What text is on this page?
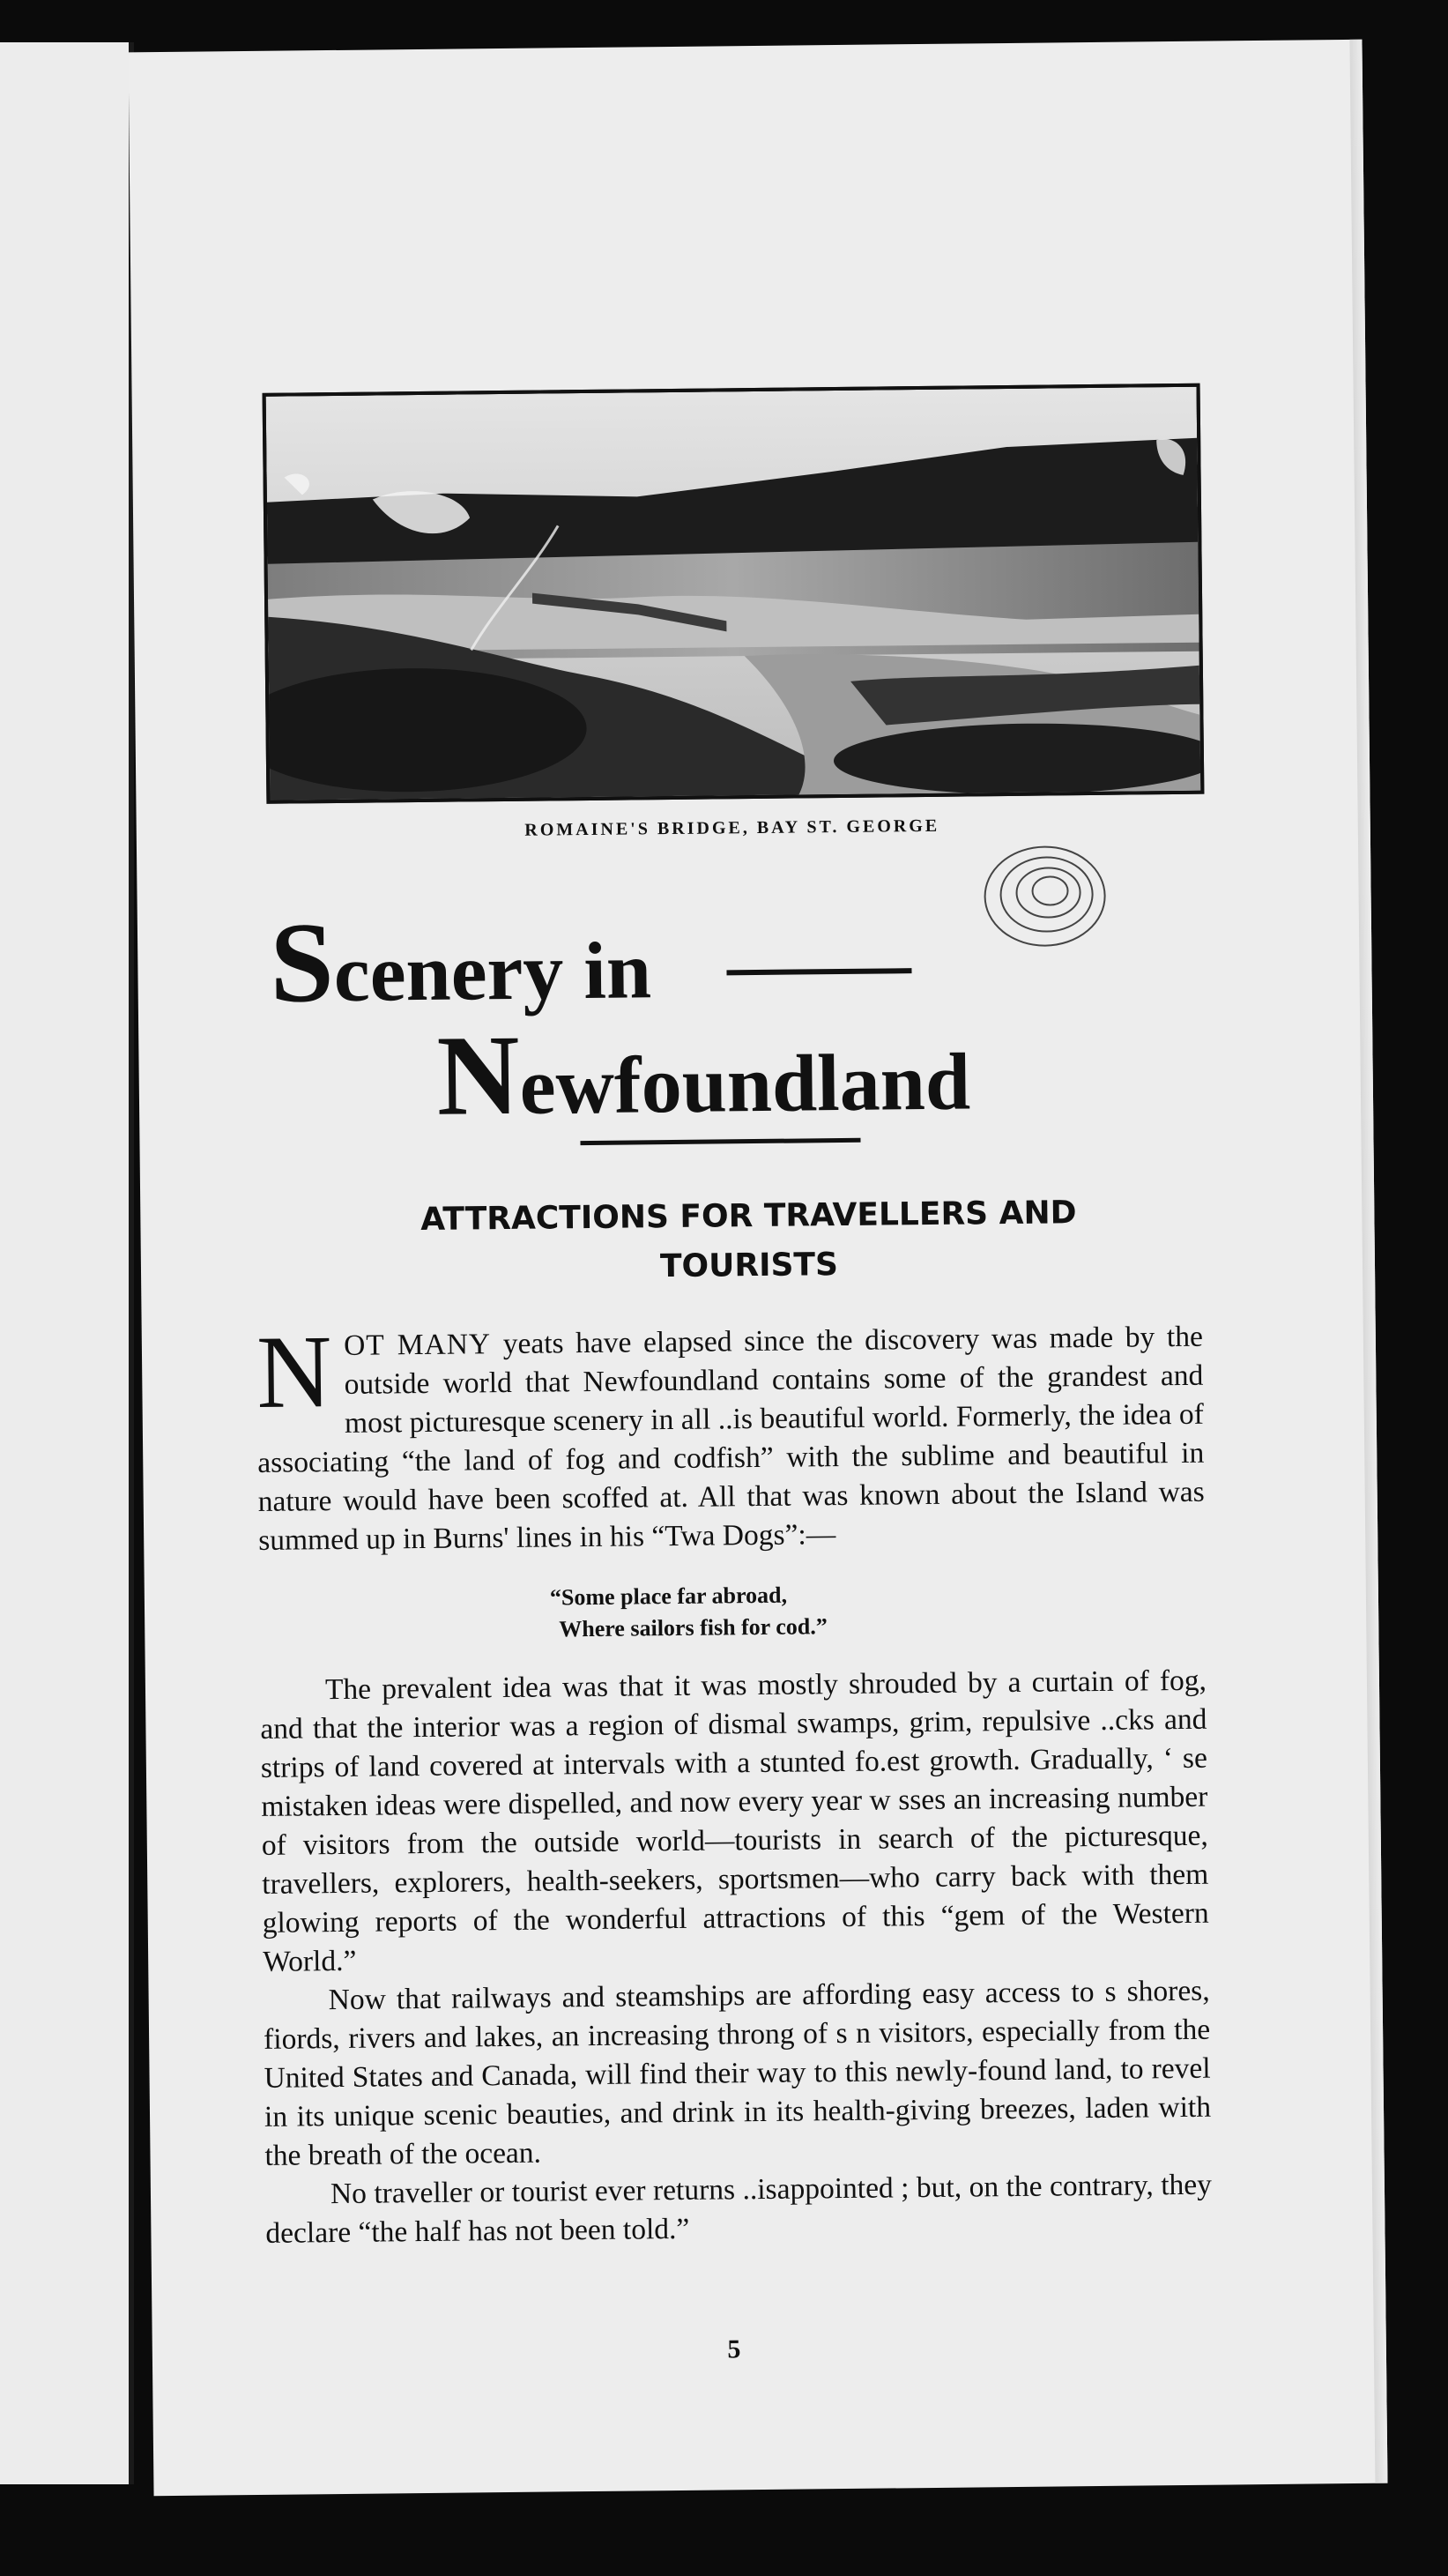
ROMAINE'S BRIDGE, BAY ST. GEORGE
Scenery in
Newfoundland
ATTRACTIONS FOR TRAVELLERS AND TOURISTS

NOT MANY yeats have elapsed since the discovery was made by the outside world that Newfoundland contains some of the grandest and most picturesque scenery in all ..is beautiful world. Formerly, the idea of associating “the land of fog and codfish” with the sublime and beautiful in nature would have been scoffed at. All that was known about the Island was summed up in Burns' lines in his “Twa Dogs”:—

“Some place far abroad,
Where sailors fish for cod.”

The prevalent idea was that it was mostly shrouded by a curtain of fog, and that the interior was a region of dismal swamps, grim, repulsive ..cks and strips of land covered at intervals with a stunted fo.est growth. Gradually, ‘ se mistaken ideas were dispelled, and now every year w sses an increasing number of visitors from the outside world—tourists in search of the picturesque, travellers, explorers, health-seekers, sportsmen—who carry back with them glowing reports of the wonderful attractions of this “gem of the Western World.”

Now that railways and steamships are affording easy access to s shores, fiords, rivers and lakes, an increasing throng of s n visitors, especially from the United States and Canada, will find their way to this newly-found land, to revel in its unique scenic beauties, and drink in its health-giving breezes, laden with the breath of the ocean.

No traveller or tourist ever returns ..isappointed ; but, on the contrary, they declare “the half has not been told.”

5
